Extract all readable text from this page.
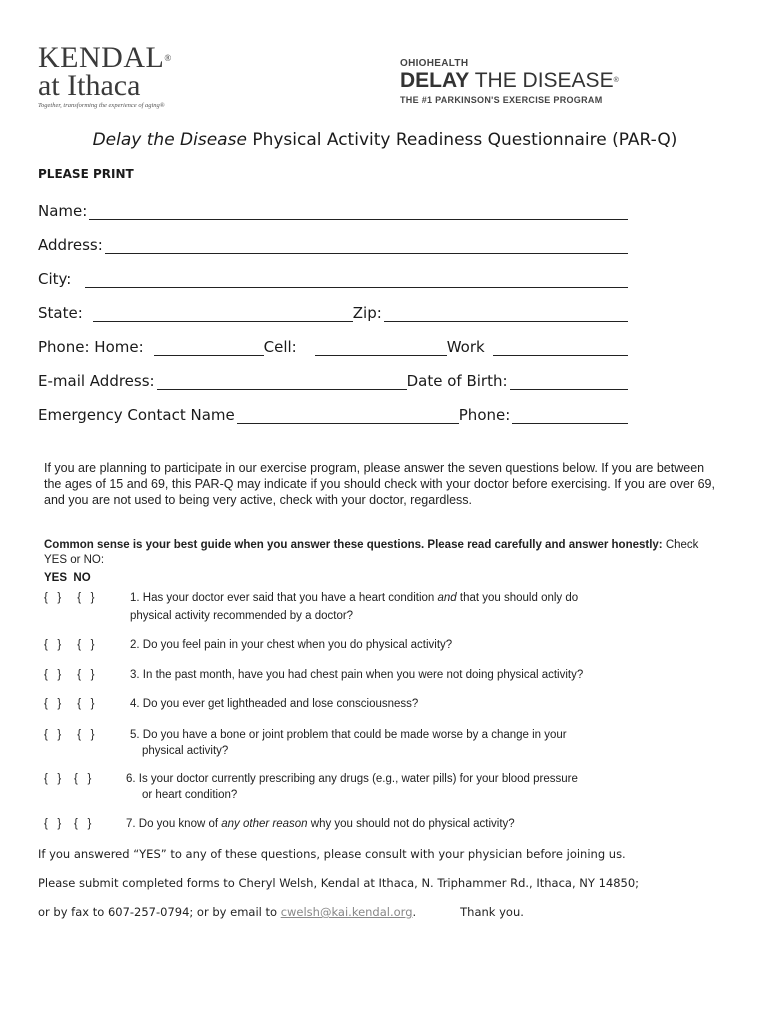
KENDAL®
at Ithaca
Together, transforming the experience of aging®
OHIOHEALTH
DELAY THE DISEASE®
THE #1 PARKINSON'S EXERCISE PROGRAM
Delay the Disease Physical Activity Readiness Questionnaire (PAR-Q)
PLEASE PRINT
Name:
Address:
City:
State:	Zip:
Phone: Home:	Cell:	Work
E-mail Address:	Date of Birth:
Emergency Contact Name	Phone:
If you are planning to participate in our exercise program, please answer the seven questions below. If you are between the ages of 15 and 69, this PAR-Q may indicate if you should check with your doctor before exercising. If you are over 69, and you are not used to being very active, check with your doctor, regardless.
Common sense is your best guide when you answer these questions. Please read carefully and answer honestly: Check YES or NO:
YES  NO
{   }     {   }	1. Has your doctor ever said that you have a heart condition and that you should only do
physical activity recommended by a doctor?
{   }     {   }	2. Do you feel pain in your chest when you do physical activity?
{   }     {   }	3. In the past month, have you had chest pain when you were not doing physical activity?
{   }     {   }	4. Do you ever get lightheaded and lose consciousness?
{   }     {   }	5. Do you have a bone or joint problem that could be made worse by a change in your
physical activity?
{   }    {   }	6. Is your doctor currently prescribing any drugs (e.g., water pills) for your blood pressure
or heart condition?
{   }    {   }	7. Do you know of any other reason why you should not do physical activity?
If you answered “YES” to any of these questions, please consult with your physician before joining us.
Please submit completed forms to Cheryl Welsh, Kendal at Ithaca, N. Triphammer Rd., Ithaca, NY 14850;
or by fax to 607-257-0794; or by email to cwelsh@kai.kendal.org.	Thank you.
